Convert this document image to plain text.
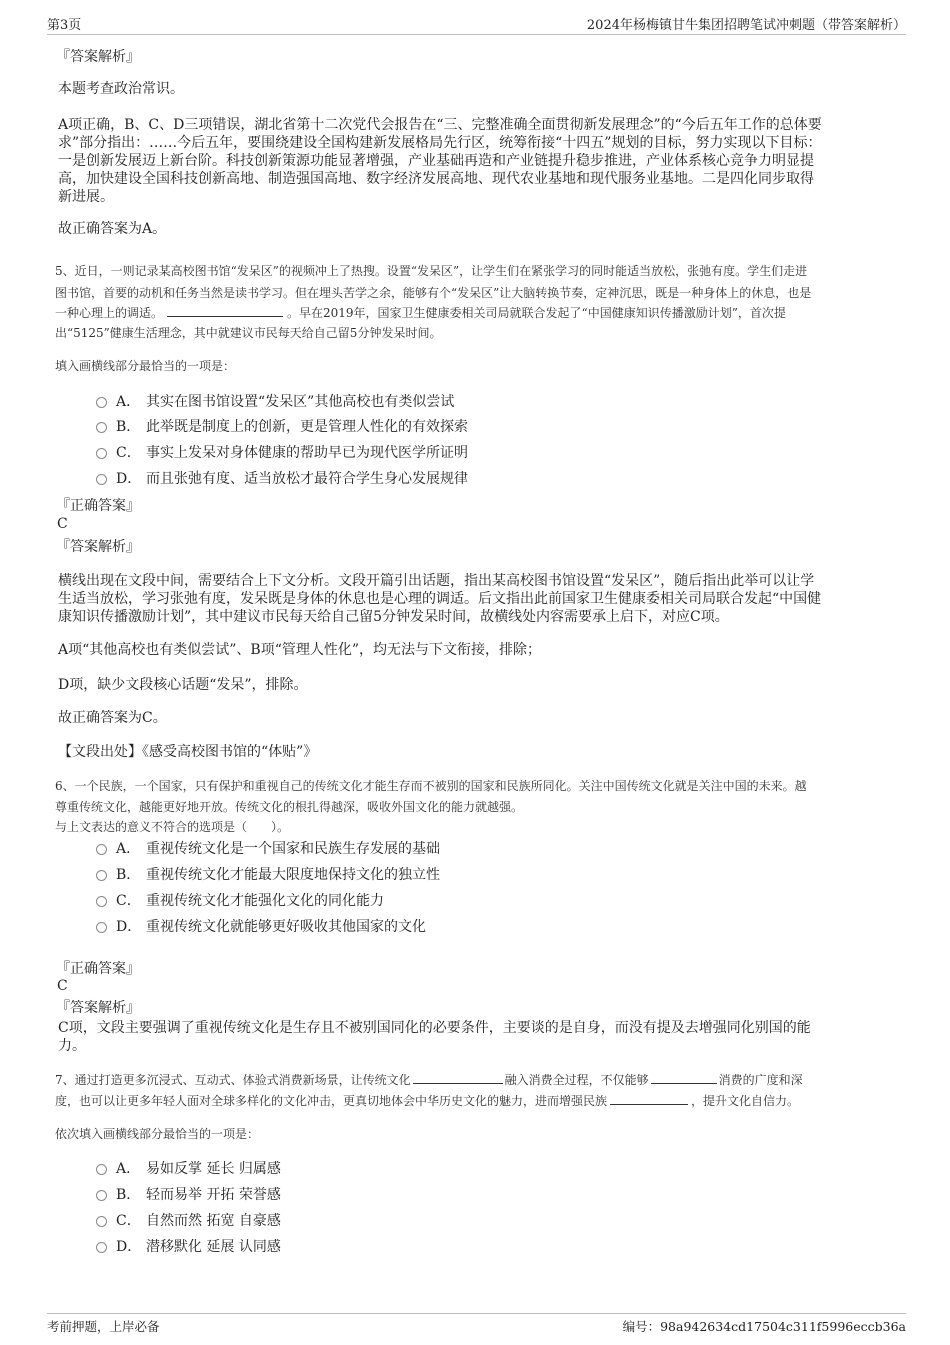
第3页	2024年杨梅镇甘牛集团招聘笔试冲刺题（带答案解析）
『答案解析』
本题考查政治常识。
A项正确，B、C、D三项错误，湖北省第十二次党代会报告在“三、完整准确全面贯彻新发展理念”的“今后五年工作的总体要
求”部分指出：……今后五年，要围绕建设全国构建新发展格局先行区，统筹衔接“十四五”规划的目标，努力实现以下目标：
一是创新发展迈上新台阶。科技创新策源功能显著增强，产业基础再造和产业链提升稳步推进，产业体系核心竞争力明显提
高，加快建设全国科技创新高地、制造强国高地、数字经济发展高地、现代农业基地和现代服务业基地。二是四化同步取得
新进展。
故正确答案为A。
5、近日，一则记录某高校图书馆“发呆区”的视频冲上了热搜。设置“发呆区”，让学生们在紧张学习的同时能适当放松，张弛有度。学生们走进
图书馆，首要的动机和任务当然是读书学习。但在埋头苦学之余，能够有个“发呆区”让大脑转换节奏，定神沉思，既是一种身体上的休息，也是
一种心理上的调适。	。早在2019年，国家卫生健康委相关司局就联合发起了“中国健康知识传播激励计划”，首次提
出“5125”健康生活理念，其中就建议市民每天给自己留5分钟发呆时间。
填入画横线部分最恰当的一项是：
A． 其实在图书馆设置“发呆区”其他高校也有类似尝试
B． 此举既是制度上的创新，更是管理人性化的有效探索
C． 事实上发呆对身体健康的帮助早已为现代医学所证明
D． 而且张弛有度、适当放松才最符合学生身心发展规律
『正确答案』
C
『答案解析』
横线出现在文段中间，需要结合上下文分析。文段开篇引出话题，指出某高校图书馆设置“发呆区”，随后指出此举可以让学
生适当放松，学习张弛有度，发呆既是身体的休息也是心理的调适。后文指出此前国家卫生健康委相关司局联合发起“中国健
康知识传播激励计划”，其中建议市民每天给自己留5分钟发呆时间，故横线处内容需要承上启下，对应C项。
A项“其他高校也有类似尝试”、B项“管理人性化”，均无法与下文衔接，排除；
D项，缺少文段核心话题“发呆”，排除。
故正确答案为C。
【文段出处】《感受高校图书馆的“体贴”》
6、一个民族，一个国家，只有保护和重视自己的传统文化才能生存而不被别的国家和民族所同化。关注中国传统文化就是关注中国的未来。越
尊重传统文化，越能更好地开放。传统文化的根扎得越深，吸收外国文化的能力就越强。
与上文表达的意义不符合的选项是（　　）。
A． 重视传统文化是一个国家和民族生存发展的基础
B． 重视传统文化才能最大限度地保持文化的独立性
C． 重视传统文化才能强化文化的同化能力
D． 重视传统文化就能够更好吸收其他国家的文化
『正确答案』
C
『答案解析』
C项，文段主要强调了重视传统文化是生存且不被别国同化的必要条件，主要谈的是自身，而没有提及去增强同化别国的能
力。
7、通过打造更多沉浸式、互动式、体验式消费新场景，让传统文化	融入消费全过程，不仅能够	消费的广度和深
度，也可以让更多年轻人面对全球多样化的文化冲击，更真切地体会中华历史文化的魅力，进而增强民族	，提升文化自信力。
依次填入画横线部分最恰当的一项是：
A． 易如反掌 延长 归属感
B． 轻而易举 开拓 荣誉感
C． 自然而然 拓宽 自豪感
D． 潜移默化 延展 认同感
考前押题，上岸必备	编号：98a942634cd17504c311f5996eccb36a
